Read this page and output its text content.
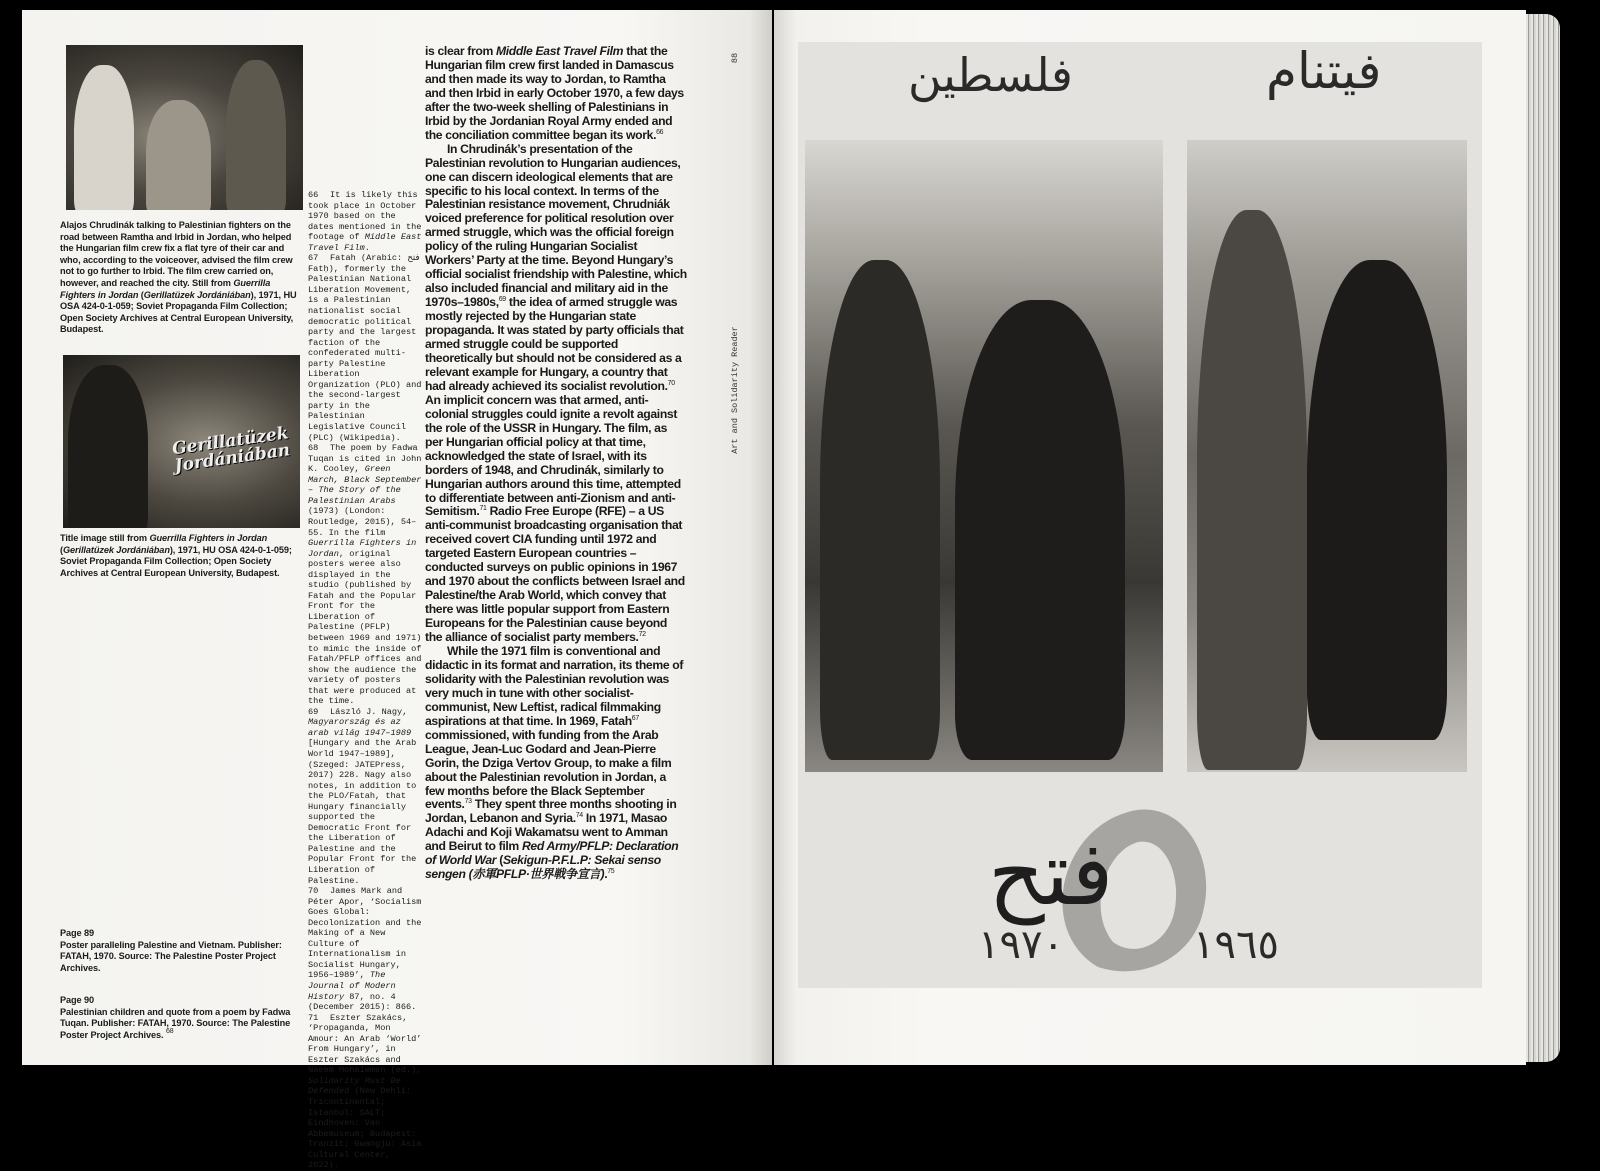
Gerillatüzek Jordániában
Alajos Chrudinák talking to Palestinian fighters on the road between Ramtha and Irbid in Jordan, who helped the Hungarian film crew fix a flat tyre of their car and who, according to the voiceover, advised the film crew not to go further to Irbid. The film crew carried on, however, and reached the city. Still from Guerrilla Fighters in Jordan (Gerillatüzek Jordániában), 1971, HU OSA 424-0-1-059; Soviet Propaganda Film Collection; Open Society Archives at Central European University, Budapest.
Title image still from Guerrilla Fighters in Jordan (Gerillatüzek Jordániában), 1971, HU OSA 424-0-1-059; Soviet Propaganda Film Collection; Open Society Archives at Central European University, Budapest.
Page 89
Poster paralleling Palestine and Vietnam. Publisher: FATAH, 1970. Source: The Palestine Poster Project Archives.
Page 90
Palestinian children and quote from a poem by Fadwa Tuqan. Publisher: FATAH, 1970. Source: The Palestine Poster Project Archives. $^{68}$

66 It is likely this took place in October 1970 based on the dates mentioned in the footage of Middle East Travel Film.

67 Fatah (Arabic: فتح Fatḥ), formerly the Palestinian National Liberation Movement, is a Palestinian nationalist social democratic political party and the largest faction of the confederated multi-party Palestine Liberation Organization (PLO) and the second-largest party in the Palestinian Legislative Council (PLC) (Wikipedia).

68 The poem by Fadwa Tuqan is cited in John K. Cooley, Green March, Black September – The Story of the Palestinian Arabs (1973) (London: Routledge, 2015), 54–55. In the film Guerrilla Fighters in Jordan, original posters weree also displayed in the studio (published by Fatah and the Popular Front for the Liberation of Palestine (PFLP) between 1969 and 1971) to mimic the inside of Fatah/PFLP offices and show the audience the variety of posters that were produced at the time.

69 László J. Nagy, Magyarország és az arab világ 1947–1989 [Hungary and the Arab World 1947–1989], (Szeged: JATEPress, 2017) 228. Nagy also notes, in addition to the PLO/Fatah, that Hungary financially supported the Democratic Front for the Liberation of Palestine and the Popular Front for the Liberation of Palestine.

70 James Mark and Péter Apor, ‘Socialism Goes Global: Decolonization and the Making of a New Culture of Internationalism in Socialist Hungary, 1956–1989’, The Journal of Modern History 87, no. 4 (December 2015): 866.

71 Eszter Szakács, ‘Propaganda, Mon Amour: An Arab ‘World’ From Hungary’, in Eszter Szakács and Naeem Mohaiemen (ed.), Solidarity Must Be Defended (New Dehli: Tricontinental; Istanbul: SALT; Eindhoven: Van Abbemuseum; Budapest: Tranzit; Gwangju: Asia Cultural Center, 2022).

is clear from Middle East Travel Film that the Hungarian film crew first landed in Damascus and then made its way to Jordan, to Ramtha and then Irbid in early October 1970, a few days after the two-week shelling of Palestinians in Irbid by the Jordanian Royal Army ended and the conciliation committee began its work.$^{66}$

In Chrudinák’s presentation of the Palestinian revolution to Hungarian audiences, one can discern ideological elements that are specific to his local context. In terms of the Palestinian resistance movement, Chrudniák voiced preference for political resolution over armed struggle, which was the official foreign policy of the ruling Hungarian Socialist Workers’ Party at the time. Beyond Hungary’s official socialist friendship with Palestine, which also included financial and military aid in the 1970s–1980s,$^{69}$ the idea of armed struggle was mostly rejected by the Hungarian state propaganda. It was stated by party officials that armed struggle could be supported theoretically but should not be considered as a relevant example for Hungary, a country that had already achieved its socialist revolution.$^{70}$ An implicit concern was that armed, anti-colonial struggles could ignite a revolt against the role of the USSR in Hungary. The film, as per Hungarian official policy at that time, acknowledged the state of Israel, with its borders of 1948, and Chrudinák, similarly to Hungarian authors around this time, attempted to differentiate between anti-Zionism and anti-Semitism.$^{71}$ Radio Free Europe (RFE) – a US anti-communist broadcasting organisation that received covert CIA funding until 1972 and targeted Eastern European countries – conducted surveys on public opinions in 1967 and 1970 about the conflicts between Israel and Palestine/the Arab World, which convey that there was little popular support from Eastern Europeans for the Palestinian cause beyond the alliance of socialist party members.$^{72}$

While the 1971 film is conventional and didactic in its format and narration, its theme of solidarity with the Palestinian revolution was very much in tune with other socialist-communist, New Leftist, radical filmmaking aspirations at that time. In 1969, Fatah$^{67}$ commissioned, with funding from the Arab League, Jean-Luc Godard and Jean-Pierre Gorin, the Dziga Vertov Group, to make a film about the Palestinian revolution in Jordan, a few months before the Black September events.$^{73}$ They spent three months shooting in Jordan, Lebanon and Syria.$^{74}$ In 1971, Masao Adachi and Koji Wakamatsu went to Amman and Beirut to film Red Army/PFLP: Declaration of World War (Sekigun-P.F.L.P: Sekai senso sengen (赤軍PFLP·世界戦争宣言).$^{75}$

88
Art and Solidarity Reader
فلسطين	فيتنام
فتح
١٩٧٠	١٩٦٥
